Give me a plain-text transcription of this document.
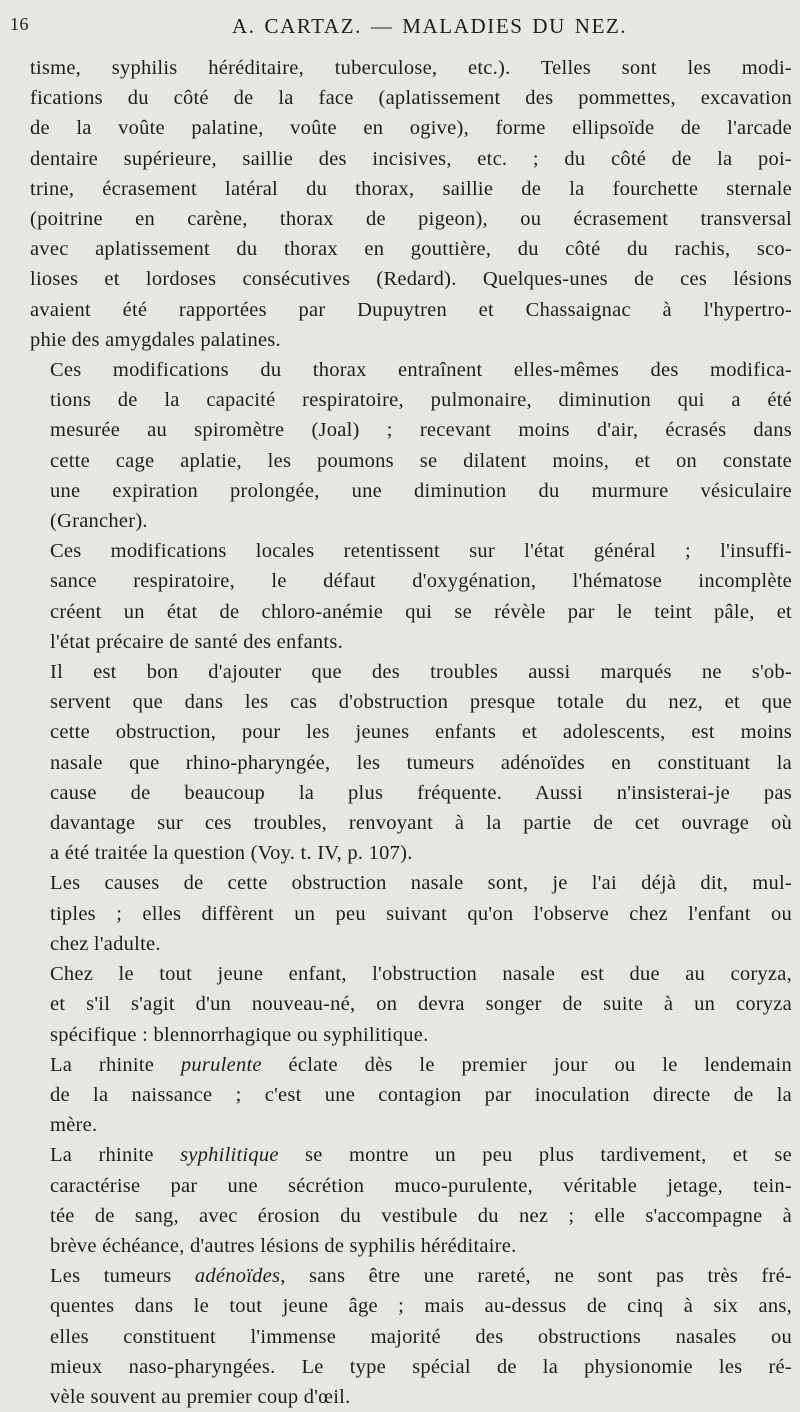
16	A. CARTAZ. — MALADIES DU NEZ.

tisme, syphilis héréditaire, tuberculose, etc.). Telles sont les modi-
fications du côté de la face (aplatissement des pommettes, excavation
de la voûte palatine, voûte en ogive), forme ellipsoïde de l'arcade
dentaire supérieure, saillie des incisives, etc. ; du côté de la poi-
trine, écrasement latéral du thorax, saillie de la fourchette sternale
(poitrine en carène, thorax de pigeon), ou écrasement transversal
avec aplatissement du thorax en gouttière, du côté du rachis, sco-
lioses et lordoses consécutives (Redard). Quelques-unes de ces lésions
avaient été rapportées par Dupuytren et Chassaignac à l'hypertro-
phie des amygdales palatines.

Ces modifications du thorax entraînent elles-mêmes des modifica-
tions de la capacité respiratoire, pulmonaire, diminution qui a été
mesurée au spiromètre (Joal) ; recevant moins d'air, écrasés dans
cette cage aplatie, les poumons se dilatent moins, et on constate
une expiration prolongée, une diminution du murmure vésiculaire
(Grancher).

Ces modifications locales retentissent sur l'état général ; l'insuffi-
sance respiratoire, le défaut d'oxygénation, l'hématose incomplète
créent un état de chloro-anémie qui se révèle par le teint pâle, et
l'état précaire de santé des enfants.

Il est bon d'ajouter que des troubles aussi marqués ne s'ob-
servent que dans les cas d'obstruction presque totale du nez, et que
cette obstruction, pour les jeunes enfants et adolescents, est moins
nasale que rhino-pharyngée, les tumeurs adénoïdes en constituant la
cause de beaucoup la plus fréquente. Aussi n'insisterai-je pas
davantage sur ces troubles, renvoyant à la partie de cet ouvrage où
a été traitée la question (Voy. t. IV, p. 107).

Les causes de cette obstruction nasale sont, je l'ai déjà dit, mul-
tiples ; elles diffèrent un peu suivant qu'on l'observe chez l'enfant ou
chez l'adulte.

Chez le tout jeune enfant, l'obstruction nasale est due au coryza,
et s'il s'agit d'un nouveau-né, on devra songer de suite à un coryza
spécifique : blennorrhagique ou syphilitique.

La rhinite purulente éclate dès le premier jour ou le lendemain
de la naissance ; c'est une contagion par inoculation directe de la
mère.

La rhinite syphilitique se montre un peu plus tardivement, et se
caractérise par une sécrétion muco-purulente, véritable jetage, tein-
tée de sang, avec érosion du vestibule du nez ; elle s'accompagne à
brève échéance, d'autres lésions de syphilis héréditaire.

Les tumeurs adénoïdes, sans être une rareté, ne sont pas très fré-
quentes dans le tout jeune âge ; mais au-dessus de cinq à six ans,
elles constituent l'immense majorité des obstructions nasales ou
mieux naso-pharyngées. Le type spécial de la physionomie les ré-
vèle souvent au premier coup d'œil.
